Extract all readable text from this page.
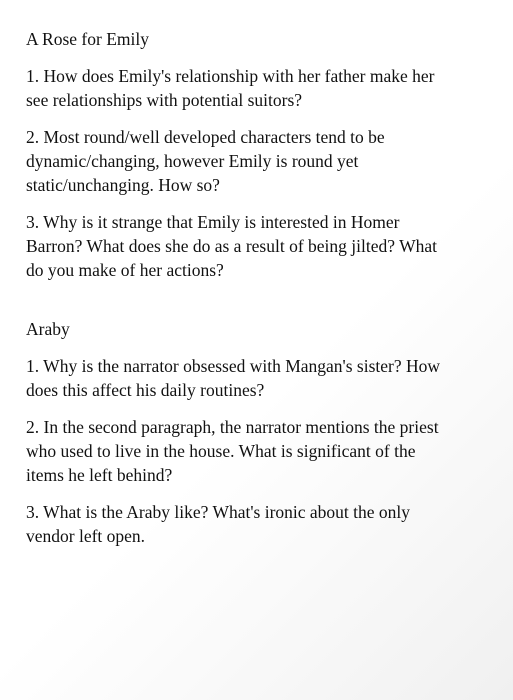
A Rose for Emily
1. How does Emily's relationship with her father make her
see relationships with potential suitors?
2. Most round/well developed characters tend to be
dynamic/changing, however Emily is round yet
static/unchanging. How so?
3. Why is it strange that Emily is interested in Homer
Barron? What does she do as a result of being jilted? What
do you make of her actions?
Araby
1. Why is the narrator obsessed with Mangan's sister? How
does this affect his daily routines?
2. In the second paragraph, the narrator mentions the priest
who used to live in the house. What is significant of the
items he left behind?
3. What is the Araby like? What's ironic about the only
vendor left open.
